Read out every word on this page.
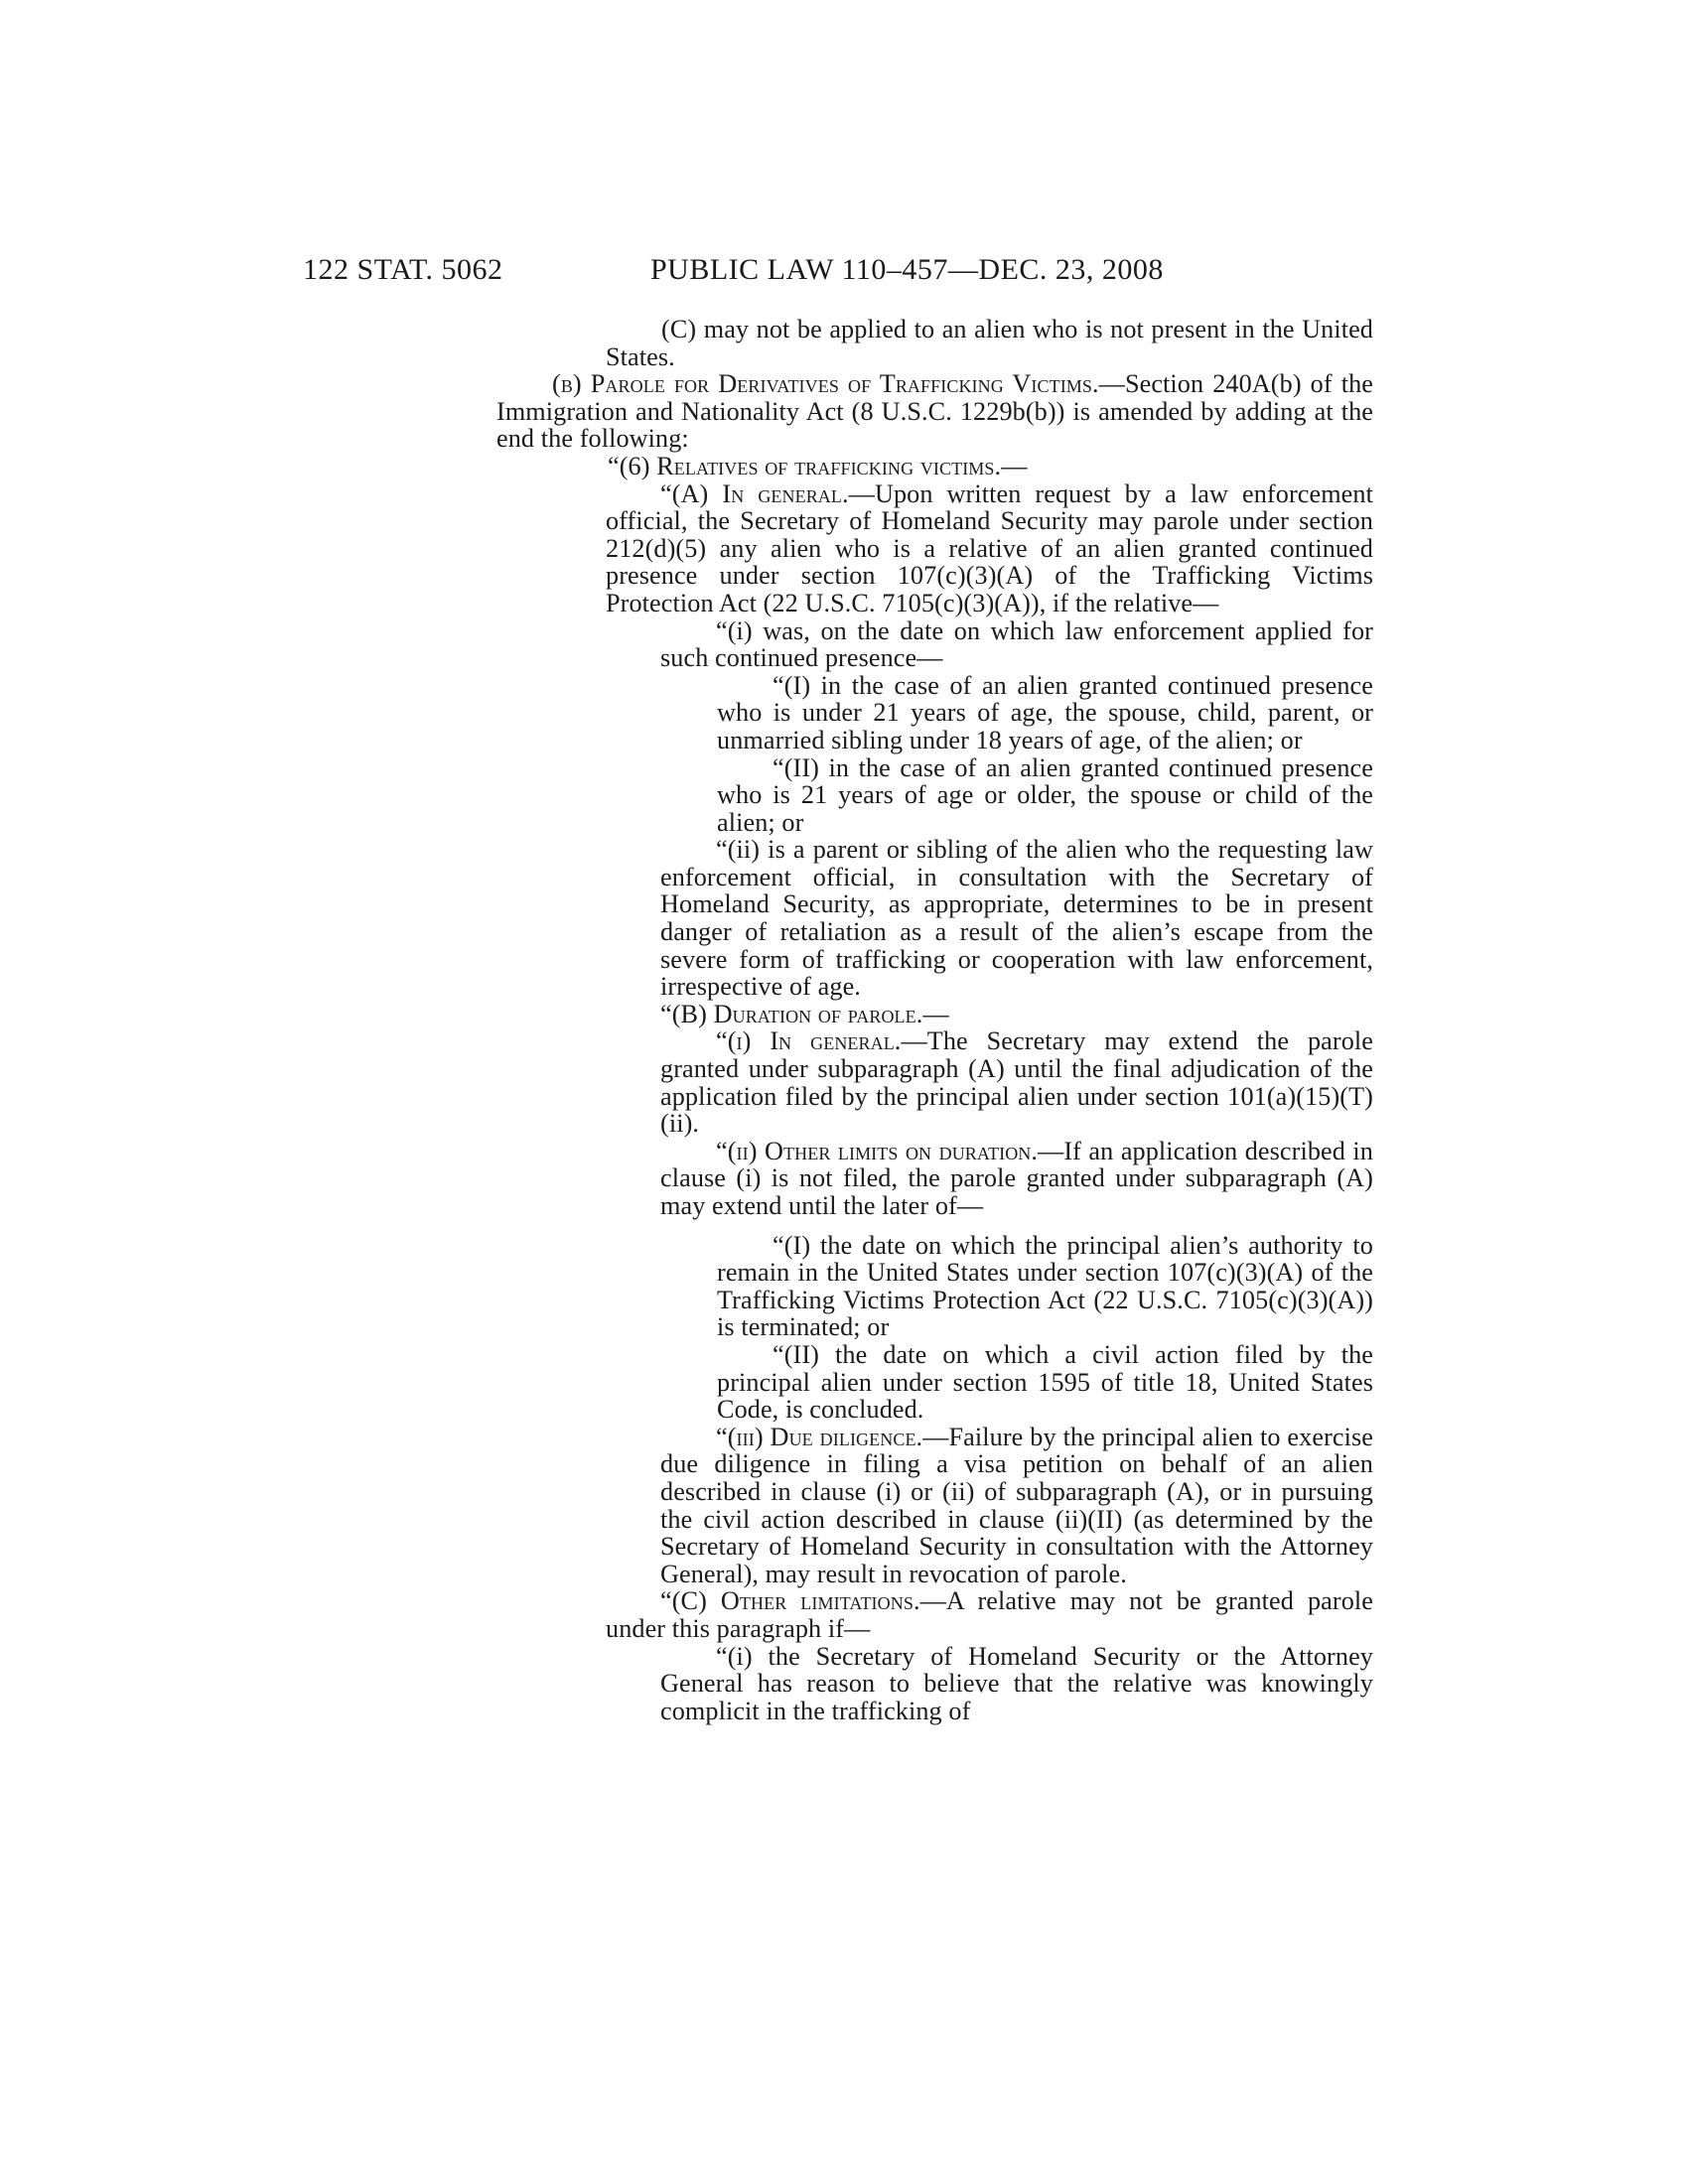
122 STAT. 5062	PUBLIC LAW 110–457—DEC. 23, 2008

(C) may not be applied to an alien who is not present in the United States.

(b) Parole for Derivatives of Trafficking Victims.—Section 240A(b) of the Immigration and Nationality Act (8 U.S.C. 1229b(b)) is amended by adding at the end the following:

“(6) Relatives of trafficking victims.—

“(A) In general.—Upon written request by a law enforcement official, the Secretary of Homeland Security may parole under section 212(d)(5) any alien who is a relative of an alien granted continued presence under section 107(c)(3)(A) of the Trafficking Victims Protection Act (22 U.S.C. 7105(c)(3)(A)), if the relative—

“(i) was, on the date on which law enforcement applied for such continued presence—

“(I) in the case of an alien granted continued presence who is under 21 years of age, the spouse, child, parent, or unmarried sibling under 18 years of age, of the alien; or

“(II) in the case of an alien granted continued presence who is 21 years of age or older, the spouse or child of the alien; or

“(ii) is a parent or sibling of the alien who the requesting law enforcement official, in consultation with the Secretary of Homeland Security, as appropriate, determines to be in present danger of retaliation as a result of the alien’s escape from the severe form of trafficking or cooperation with law enforcement, irrespective of age.

“(B) Duration of parole.—

“(i) In general.—The Secretary may extend the parole granted under subparagraph (A) until the final adjudication of the application filed by the principal alien under section 101(a)(15)(T)(ii).

“(ii) Other limits on duration.—If an application described in clause (i) is not filed, the parole granted under subparagraph (A) may extend until the later of—

“(I) the date on which the principal alien’s authority to remain in the United States under section 107(c)(3)(A) of the Trafficking Victims Protection Act (22 U.S.C. 7105(c)(3)(A)) is terminated; or

“(II) the date on which a civil action filed by the principal alien under section 1595 of title 18, United States Code, is concluded.

“(iii) Due diligence.—Failure by the principal alien to exercise due diligence in filing a visa petition on behalf of an alien described in clause (i) or (ii) of subparagraph (A), or in pursuing the civil action described in clause (ii)(II) (as determined by the Secretary of Homeland Security in consultation with the Attorney General), may result in revocation of parole.

“(C) Other limitations.—A relative may not be granted parole under this paragraph if—

“(i) the Secretary of Homeland Security or the Attorney General has reason to believe that the relative was knowingly complicit in the trafficking of
